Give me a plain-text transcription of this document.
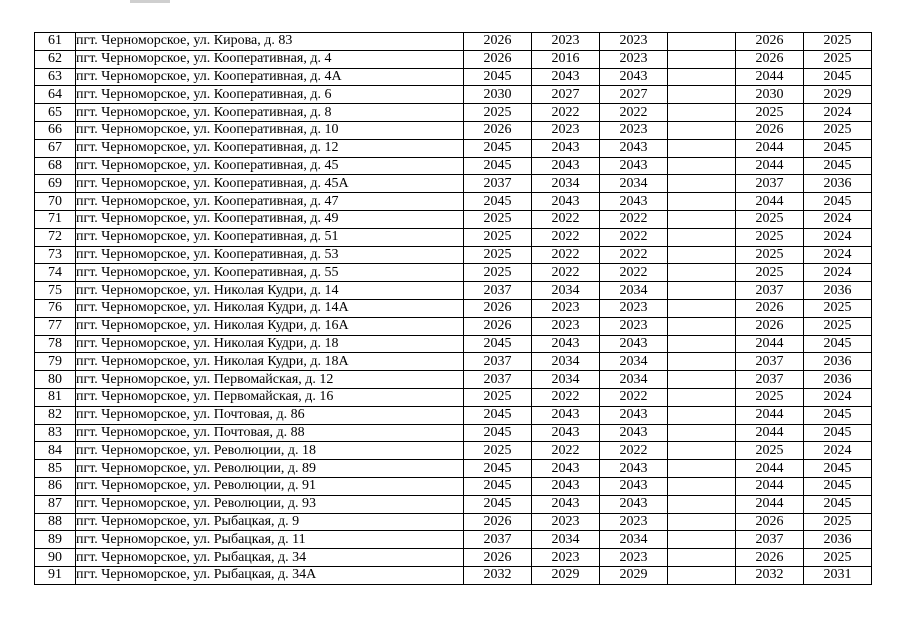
61	пгт. Черноморское, ул. Кирова, д. 83	2026	2023	2023		2026	2025
62	пгт. Черноморское, ул. Кооперативная, д. 4	2026	2016	2023		2026	2025
63	пгт. Черноморское, ул. Кооперативная, д. 4А	2045	2043	2043		2044	2045
64	пгт. Черноморское, ул. Кооперативная, д. 6	2030	2027	2027		2030	2029
65	пгт. Черноморское, ул. Кооперативная, д. 8	2025	2022	2022		2025	2024
66	пгт. Черноморское, ул. Кооперативная, д. 10	2026	2023	2023		2026	2025
67	пгт. Черноморское, ул. Кооперативная, д. 12	2045	2043	2043		2044	2045
68	пгт. Черноморское, ул. Кооперативная, д. 45	2045	2043	2043		2044	2045
69	пгт. Черноморское, ул. Кооперативная, д. 45А	2037	2034	2034		2037	2036
70	пгт. Черноморское, ул. Кооперативная, д. 47	2045	2043	2043		2044	2045
71	пгт. Черноморское, ул. Кооперативная, д. 49	2025	2022	2022		2025	2024
72	пгт. Черноморское, ул. Кооперативная, д. 51	2025	2022	2022		2025	2024
73	пгт. Черноморское, ул. Кооперативная, д. 53	2025	2022	2022		2025	2024
74	пгт. Черноморское, ул. Кооперативная, д. 55	2025	2022	2022		2025	2024
75	пгт. Черноморское, ул. Николая Кудри, д. 14	2037	2034	2034		2037	2036
76	пгт. Черноморское, ул. Николая Кудри, д. 14А	2026	2023	2023		2026	2025
77	пгт. Черноморское, ул. Николая Кудри, д. 16А	2026	2023	2023		2026	2025
78	пгт. Черноморское, ул. Николая Кудри, д. 18	2045	2043	2043		2044	2045
79	пгт. Черноморское, ул. Николая Кудри, д. 18А	2037	2034	2034		2037	2036
80	пгт. Черноморское, ул. Первомайская, д. 12	2037	2034	2034		2037	2036
81	пгт. Черноморское, ул. Первомайская, д. 16	2025	2022	2022		2025	2024
82	пгт. Черноморское, ул. Почтовая, д. 86	2045	2043	2043		2044	2045
83	пгт. Черноморское, ул. Почтовая, д. 88	2045	2043	2043		2044	2045
84	пгт. Черноморское, ул. Революции, д. 18	2025	2022	2022		2025	2024
85	пгт. Черноморское, ул. Революции, д. 89	2045	2043	2043		2044	2045
86	пгт. Черноморское, ул. Революции, д. 91	2045	2043	2043		2044	2045
87	пгт. Черноморское, ул. Революции, д. 93	2045	2043	2043		2044	2045
88	пгт. Черноморское, ул. Рыбацкая, д. 9	2026	2023	2023		2026	2025
89	пгт. Черноморское, ул. Рыбацкая, д. 11	2037	2034	2034		2037	2036
90	пгт. Черноморское, ул. Рыбацкая, д. 34	2026	2023	2023		2026	2025
91	пгт. Черноморское, ул. Рыбацкая, д. 34А	2032	2029	2029		2032	2031
